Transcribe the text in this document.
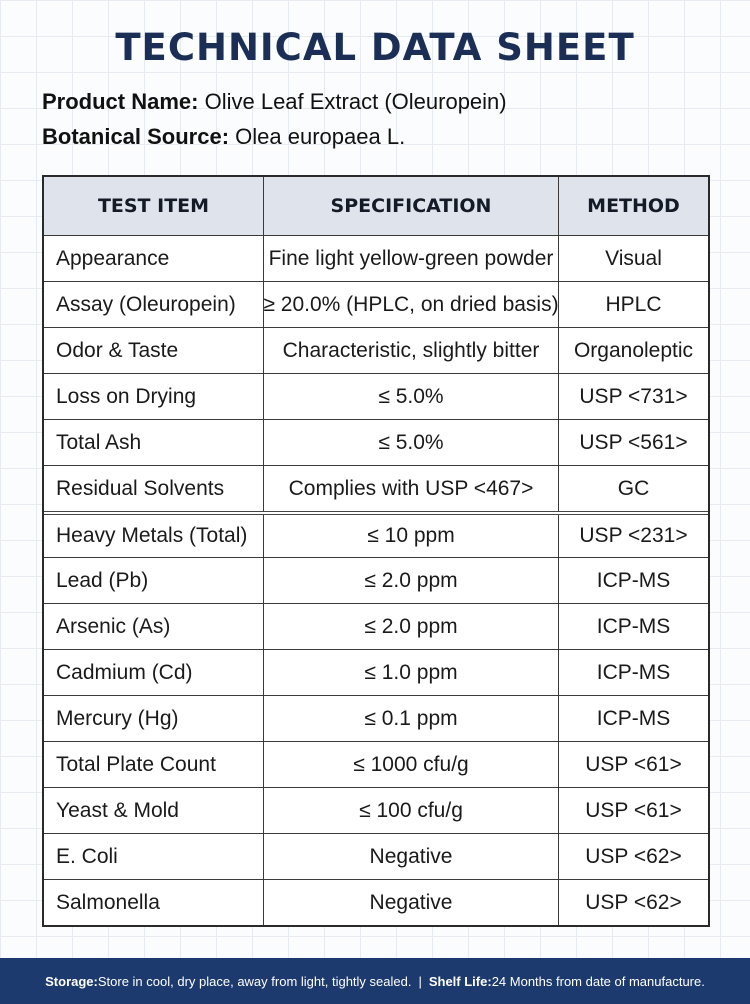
TECHNICAL DATA SHEET
Product Name: Olive Leaf Extract (Oleuropein)
Botanical Source: Olea europaea L.
TEST ITEM	SPECIFICATION	METHOD
Appearance	Fine light yellow-green powder	Visual
Assay (Oleuropein)	≥ 20.0% (HPLC, on dried basis)	HPLC
Odor & Taste	Characteristic, slightly bitter	Organoleptic
Loss on Drying	≤ 5.0%	USP <731>
Total Ash	≤ 5.0%	USP <561>
Residual Solvents	Complies with USP <467>	GC
Heavy Metals (Total)	≤ 10 ppm	USP <231>
Lead (Pb)	≤ 2.0 ppm	ICP-MS
Arsenic (As)	≤ 2.0 ppm	ICP-MS
Cadmium (Cd)	≤ 1.0 ppm	ICP-MS
Mercury (Hg)	≤ 0.1 ppm	ICP-MS
Total Plate Count	≤ 1000 cfu/g	USP <61>
Yeast & Mold	≤ 100 cfu/g	USP <61>
E. Coli	Negative	USP <62>
Salmonella	Negative	USP <62>
Storage: Store in cool, dry place, away from light, tightly sealed. | Shelf Life: 24 Months from date of manufacture.
